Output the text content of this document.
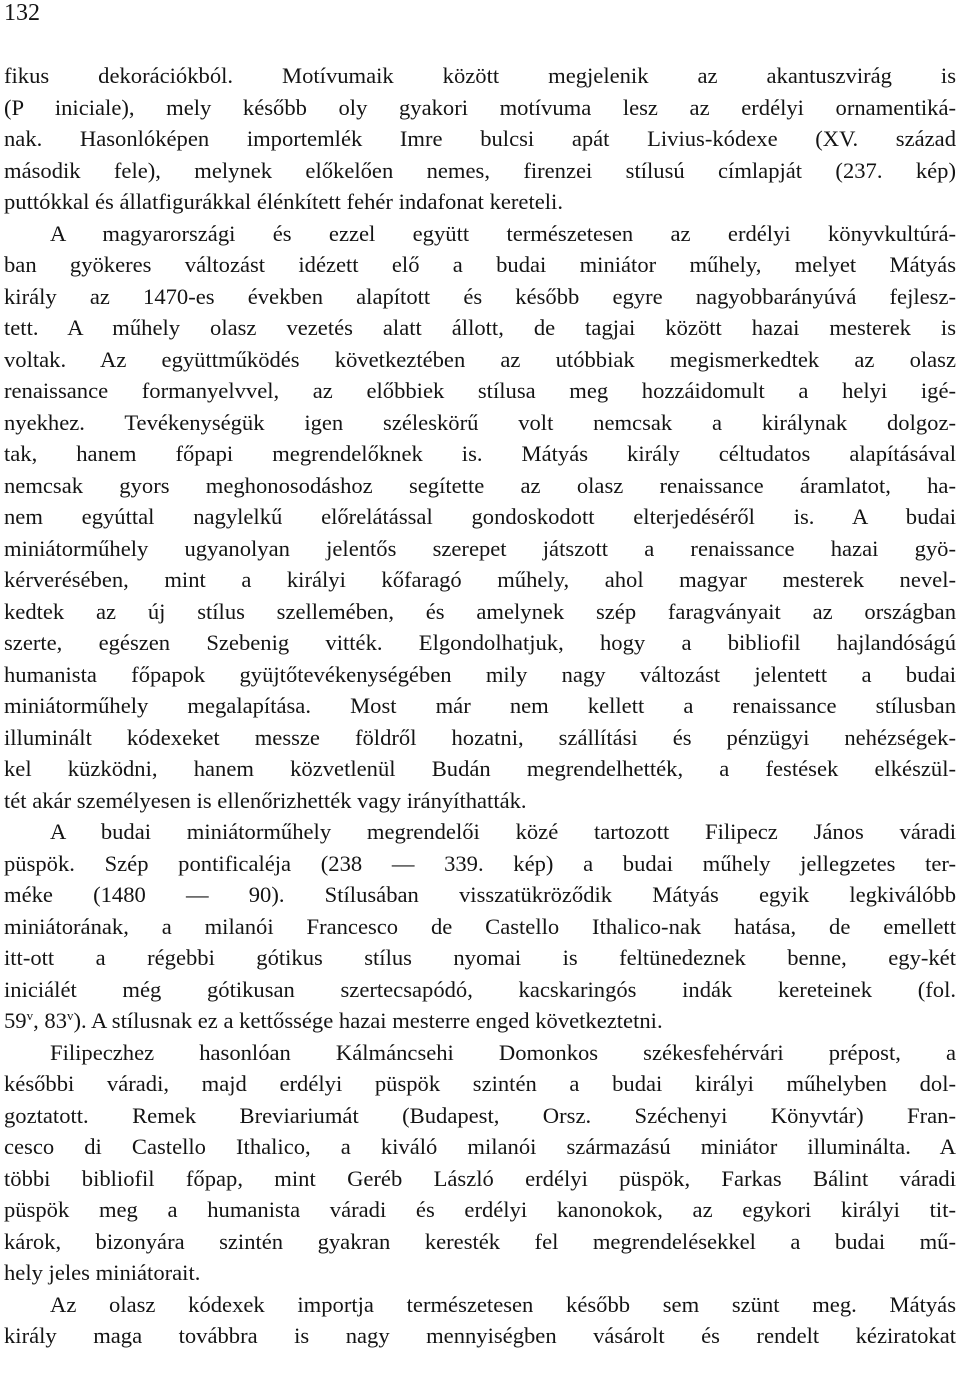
132
fikus dekorációkból. Motívumaik között megjelenik az akantuszvirág is
(P iniciale), mely később oly gyakori motívuma lesz az erdélyi ornamentiká-
nak. Hasonlóképen importemlék Imre bulcsi apát Livius-kódexe (XV. század
második fele), melynek előkelően nemes, firenzei stílusú címlapját (237. kép)
puttókkal és állatfigurákkal élénkített fehér indafonat kereteli.
A magyarországi és ezzel együtt természetesen az erdélyi könyvkultúrá-
ban gyökeres változást idézett elő a budai miniátor műhely, melyet Mátyás
király az 1470-es években alapított és később egyre nagyobbarányúvá fejlesz-
tett. A műhely olasz vezetés alatt állott, de tagjai között hazai mesterek is
voltak. Az együttműködés következtében az utóbbiak megismerkedtek az olasz
renaissance formanyelvvel, az előbbiek stílusa meg hozzáidomult a helyi igé-
nyekhez. Tevékenységük igen széleskörű volt nemcsak a királynak dolgoz-
tak, hanem főpapi megrendelőknek is. Mátyás király céltudatos alapításával
nemcsak gyors meghonosodáshoz segítette az olasz renaissance áramlatot, ha-
nem egyúttal nagylelkű előrelátással gondoskodott elterjedéséről is. A budai
miniátorműhely ugyanolyan jelentős szerepet játszott a renaissance hazai gyö-
kérverésében, mint a királyi kőfaragó műhely, ahol magyar mesterek nevel-
kedtek az új stílus szellemében, és amelynek szép faragványait az országban
szerte, egészen Szebenig vitték. Elgondolhatjuk, hogy a bibliofil hajlandóságú
humanista főpapok gyüjtőtevékenységében mily nagy változást jelentett a budai
miniátorműhely megalapítása. Most már nem kellett a renaissance stílusban
illuminált kódexeket messze földről hozatni, szállítási és pénzügyi nehézségek-
kel küzködni, hanem közvetlenül Budán megrendelhették, a festések elkészül-
tét akár személyesen is ellenőrizhették vagy irányíthatták.
A budai miniátorműhely megrendelői közé tartozott Filipecz János váradi
püspök. Szép pontificaléja (238 — 339. kép) a budai műhely jellegzetes ter-
méke (1480 — 90). Stílusában visszatükröződik Mátyás egyik legkiválóbb
miniátorának, a milanói Francesco de Castello Ithalico-nak hatása, de emellett
itt-ott a régebbi gótikus stílus nyomai is feltünedeznek benne, egy-két
iniciálét még gótikusan szertecsapódó, kacskaringós indák kereteinek (fol.
59$^v$, 83$^v$). A stílusnak ez a kettőssége hazai mesterre enged következtetni.
Filipeczhez hasonlóan Kálmáncsehi Domonkos székesfehérvári prépost, a
későbbi váradi, majd erdélyi püspök szintén a budai királyi műhelyben dol-
goztatott. Remek Breviariumát (Budapest, Orsz. Széchenyi Könyvtár) Fran-
cesco di Castello Ithalico, a kiváló milanói származású miniátor illuminálta. A
többi bibliofil főpap, mint Geréb László erdélyi püspök, Farkas Bálint váradi
püspök meg a humanista váradi és erdélyi kanonokok, az egykori királyi tit-
károk, bizonyára szintén gyakran keresték fel megrendelésekkel a budai mű-
hely jeles miniátorait.
Az olasz kódexek importja természetesen később sem szünt meg. Mátyás
király maga továbbra is nagy mennyiségben vásárolt és rendelt kéziratokat
